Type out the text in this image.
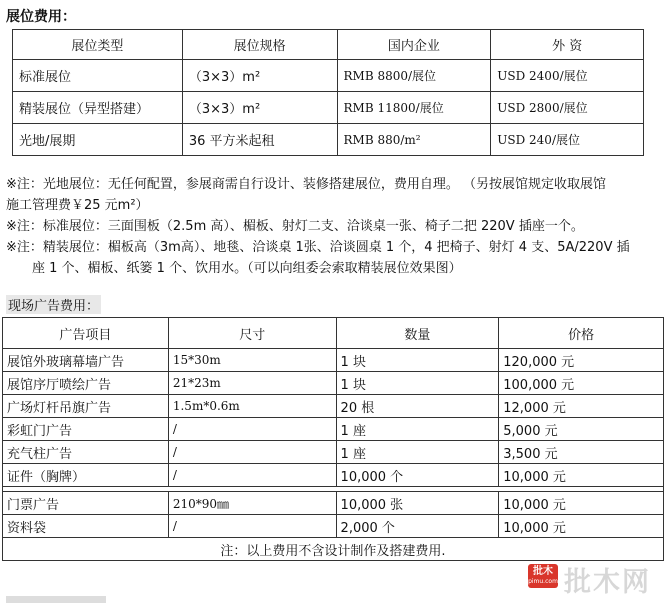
展位费用：
展位类型	展位规格	国内企业	外 资
标准展位	（3×3）m²	RMB 8800/展位	USD 2400/展位
精装展位（异型搭建）	（3×3）m²	RMB 11800/展位	USD 2800/展位
光地/展期	36 平方米起租	RMB 880/m²	USD 240/展位

※注：光地展位：无任何配置，参展商需自行设计、装修搭建展位，费用自理。 （另按展馆规定收取展馆

施工管理费￥25 元m²）

※注：标准展位：三面围板（2.5m 高）、楣板、射灯二支、洽谈桌一张、椅子二把 220V 插座一个。

※注：精装展位：楣板高（3m高）、地毯、洽谈桌 1张、洽谈圆桌 1 个，4 把椅子、射灯 4 支、5A/220V 插

座 1 个、楣板、纸篓 1 个、饮用水。（可以向组委会索取精装展位效果图）

现场广告费用：
广告项目	尺寸	数量	价格
展馆外玻璃幕墙广告	15*30m	1 块	120,000 元
展馆序厅喷绘广告	21*23m	1 块	100,000 元
广场灯杆吊旗广告	1.5m*0.6m	20 根	12,000 元
彩虹门广告	/	1 座	5,000 元
充气柱广告	/	1 座	3,500 元
证件（胸牌）	/	10,000 个	10,000 元

门票广告	210*90㎜	10,000 张	10,000 元
资料袋	/	2,000 个	10,000 元
注：以上费用不含设计制作及搭建费用.			
批木
pimu.com 批木网
